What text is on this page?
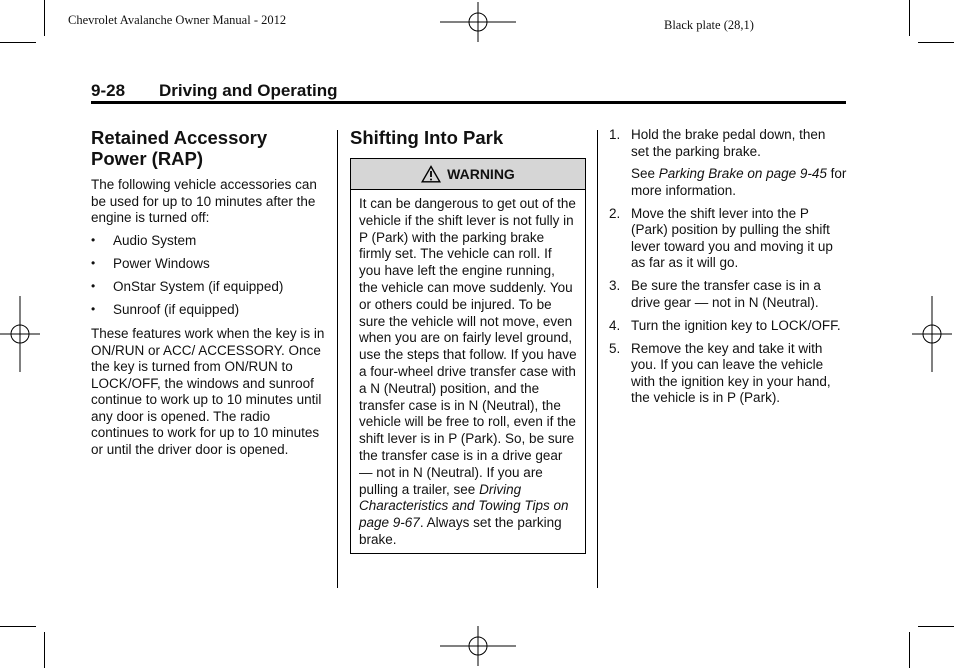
Chevrolet Avalanche Owner Manual - 2012	Black plate (28,1)
9-28 Driving and Operating
Retained Accessory
Power (RAP)
The following vehicle accessories can be used for up to 10 minutes after the engine is turned off:
• Audio System
• Power Windows
• OnStar System (if equipped)
• Sunroof (if equipped)
These features work when the key is in ON/RUN or ACC/ ACCESSORY. Once the key is turned from ON/RUN to LOCK/OFF, the windows and sunroof continue to work up to 10 minutes until any door is opened. The radio continues to work for up to 10 minutes or until the driver door is opened.
Shifting Into Park
WARNING
It can be dangerous to get out of the vehicle if the shift lever is not fully in P (Park) with the parking brake firmly set. The vehicle can roll. If you have left the engine running, the vehicle can move suddenly. You or others could be injured. To be sure the vehicle will not move, even when you are on fairly level ground, use the steps that follow. If you have a four-wheel drive transfer case with a N (Neutral) position, and the transfer case is in N (Neutral), the vehicle will be free to roll, even if the shift lever is in P (Park). So, be sure the transfer case is in a drive gear — not in N (Neutral). If you are pulling a trailer, see Driving Characteristics and Towing Tips on page 9-67. Always set the parking brake.
1. Hold the brake pedal down, then set the parking brake.
See Parking Brake on page 9-45 for more information.
2. Move the shift lever into the P (Park) position by pulling the shift lever toward you and moving it up as far as it will go.
3. Be sure the transfer case is in a drive gear — not in N (Neutral).
4. Turn the ignition key to LOCK/OFF.
5. Remove the key and take it with you. If you can leave the vehicle with the ignition key in your hand, the vehicle is in P (Park).
